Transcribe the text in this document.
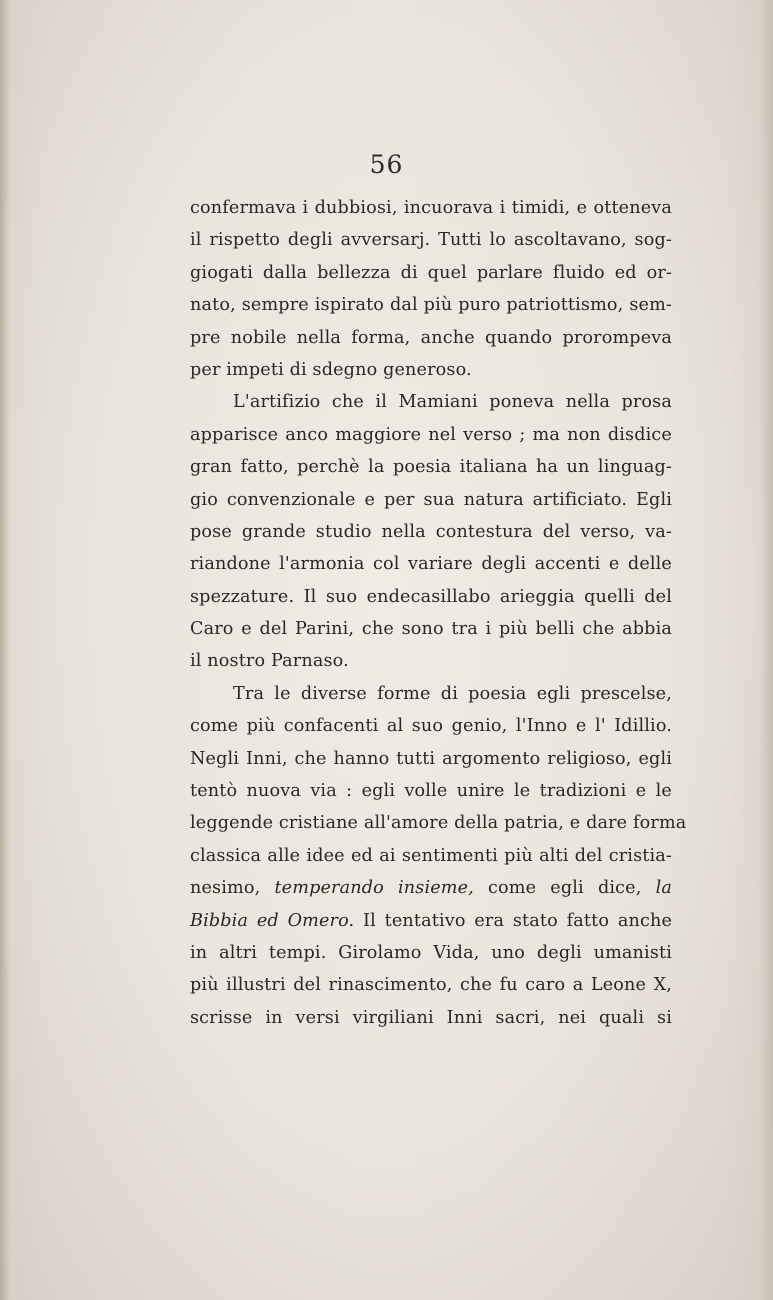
56
confermava i dubbiosi, incuorava i timidi, e otteneva
il rispetto degli avversarj. Tutti lo ascoltavano, sog-
giogati dalla bellezza di quel parlare fluido ed or-
nato, sempre ispirato dal più puro patriottismo, sem-
pre nobile nella forma, anche quando prorompeva
per impeti di sdegno generoso.
L'artifizio che il Mamiani poneva nella prosa
apparisce anco maggiore nel verso ; ma non disdice
gran fatto, perchè la poesia italiana ha un linguag-
gio convenzionale e per sua natura artificiato. Egli
pose grande studio nella contestura del verso, va-
riandone l'armonia col variare degli accenti e delle
spezzature. Il suo endecasillabo arieggia quelli del
Caro e del Parini, che sono tra i più belli che abbia
il nostro Parnaso.
Tra le diverse forme di poesia egli prescelse,
come più confacenti al suo genio, l'Inno e l' Idillio.
Negli Inni, che hanno tutti argomento religioso, egli
tentò nuova via : egli volle unire le tradizioni e le
leggende cristiane all'amore della patria, e dare forma
classica alle idee ed ai sentimenti più alti del cristia-
nesimo, temperando insieme, come egli dice, la
Bibbia ed Omero. Il tentativo era stato fatto anche
in altri tempi. Girolamo Vida, uno degli umanisti
più illustri del rinascimento, che fu caro a Leone X,
scrisse in versi virgiliani Inni sacri, nei quali si
